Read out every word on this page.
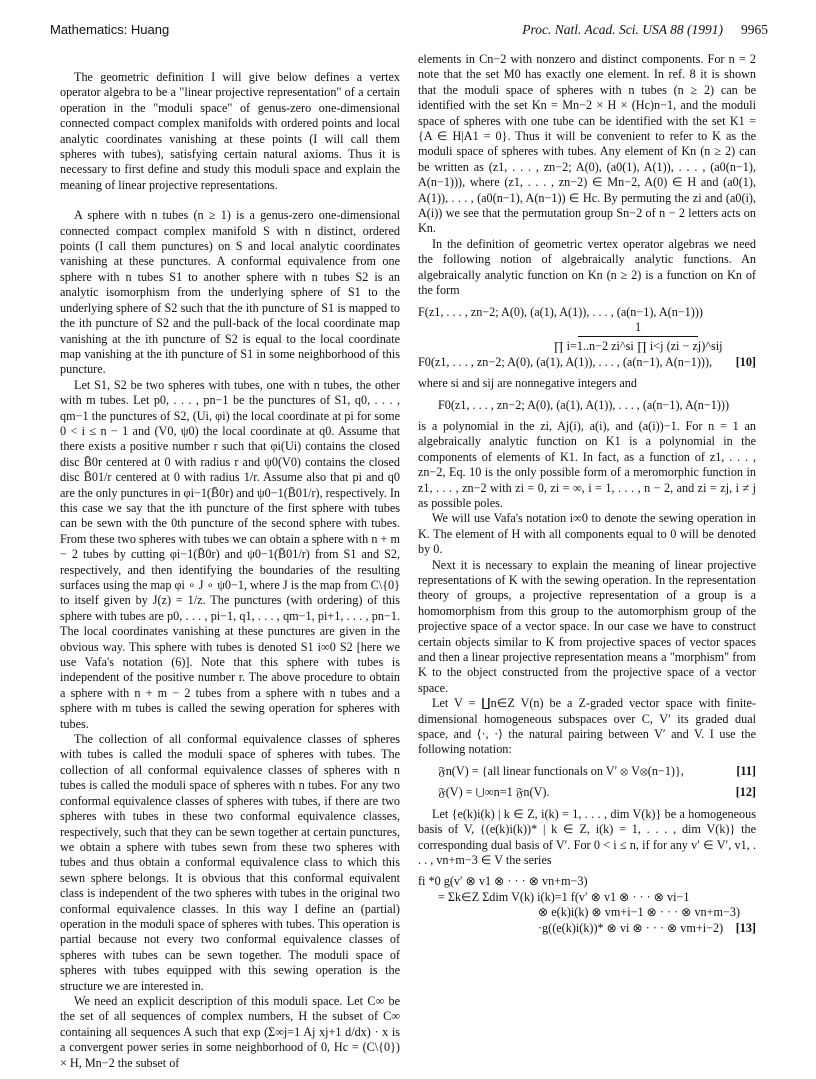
Mathematics: Huang	Proc. Natl. Acad. Sci. USA 88 (1991) 9965

The geometric definition I will give below defines a vertex operator algebra to be a "linear projective representation" of a certain operation in the "moduli space" of genus-zero one-dimensional connected compact complex manifolds with ordered points and local analytic coordinates vanishing at these points (I will call them spheres with tubes), satisfying certain natural axioms. Thus it is necessary to first define and study this moduli space and explain the meaning of linear projective representations.

A sphere with n tubes (n ≥ 1) is a genus-zero one-dimensional connected compact complex manifold S with n distinct, ordered points (I call them punctures) on S and local analytic coordinates vanishing at these punctures. A conformal equivalence from one sphere with n tubes S1 to another sphere with n tubes S2 is an analytic isomorphism from the underlying sphere of S1 to the underlying sphere of S2 such that the ith puncture of S1 is mapped to the ith puncture of S2 and the pull-back of the local coordinate map vanishing at the ith puncture of S2 is equal to the local coordinate map vanishing at the ith puncture of S1 in some neighborhood of this puncture.

Let S1, S2 be two spheres with tubes, one with n tubes, the other with m tubes. Let p0, . . . , pn−1 be the punctures of S1, q0, . . . , qm−1 the punctures of S2, (Ui, φi) the local coordinate at pi for some 0 < i ≤ n − 1 and (V0, ψ0) the local coordinate at q0. Assume that there exists a positive number r such that φi(Ui) contains the closed disc B̄0r centered at 0 with radius r and ψ0(V0) contains the closed disc B̄01/r centered at 0 with radius 1/r. Assume also that pi and q0 are the only punctures in φi−1(B̄0r) and ψ0−1(B̄01/r), respectively. In this case we say that the ith puncture of the first sphere with tubes can be sewn with the 0th puncture of the second sphere with tubes. From these two spheres with tubes we can obtain a sphere with n + m − 2 tubes by cutting φi−1(B̄0r) and ψ0−1(B̄01/r) from S1 and S2, respectively, and then identifying the boundaries of the resulting surfaces using the map φi ∘ J ∘ ψ0−1, where J is the map from C\{0} to itself given by J(z) = 1/z. The punctures (with ordering) of this sphere with tubes are p0, . . . , pi−1, q1, . . . , qm−1, pi+1, . . . , pn−1. The local coordinates vanishing at these punctures are given in the obvious way. This sphere with tubes is denoted S1 i∞0 S2 [here we use Vafa's notation (6)]. Note that this sphere with tubes is independent of the positive number r. The above procedure to obtain a sphere with n + m − 2 tubes from a sphere with n tubes and a sphere with m tubes is called the sewing operation for spheres with tubes.

The collection of all conformal equivalence classes of spheres with tubes is called the moduli space of spheres with tubes. The collection of all conformal equivalence classes of spheres with n tubes is called the moduli space of spheres with n tubes. For any two conformal equivalence classes of spheres with tubes, if there are two spheres with tubes in these two conformal equivalence classes, respectively, such that they can be sewn together at certain punctures, we obtain a sphere with tubes sewn from these two spheres with tubes and thus obtain a conformal equivalence class to which this sewn sphere belongs. It is obvious that this conformal equivalent class is independent of the two spheres with tubes in the original two conformal equivalence classes. In this way I define an (partial) operation in the moduli space of spheres with tubes. This operation is partial because not every two conformal equivalence classes of spheres with tubes can be sewn together. The moduli space of spheres with tubes equipped with this sewing operation is the structure we are interested in.

We need an explicit description of this moduli space. Let C∞ be the set of all sequences of complex numbers, H the subset of C∞ containing all sequences A such that exp (Σ∞j=1 Aj xj+1 d/dx) · x is a convergent power series in some neighborhood of 0, Hc = (C\{0}) × H, Mn−2 the subset of

elements in Cn−2 with nonzero and distinct components. For n = 2 note that the set M0 has exactly one element. In ref. 8 it is shown that the moduli space of spheres with n tubes (n ≥ 2) can be identified with the set Kn = Mn−2 × H × (Hc)n−1, and the moduli space of spheres with one tube can be identified with the set K1 = {A ∈ H|A1 = 0}. Thus it will be convenient to refer to K as the moduli space of spheres with tubes. Any element of Kn (n ≥ 2) can be written as (z1, . . . , zn−2; A(0), (a0(1), A(1)), . . . , (a0(n−1), A(n−1))), where (z1, . . . , zn−2) ∈ Mn−2, A(0) ∈ H and (a0(1), A(1)), . . . , (a0(n−1), A(n−1)) ∈ Hc. By permuting the zi and (a0(i), A(i)) we see that the permutation group Sn−2 of n − 2 letters acts on Kn.

In the definition of geometric vertex operator algebras we need the following notion of algebraically analytic functions. An algebraically analytic function on Kn (n ≥ 2) is a function on Kn of the form

F(z1, . . . , zn−2; A(0), (a(1), A(1)), . . . , (a(n−1), A(n−1)))
1
∏ i=1..n−2 zi^si ∏ i<j (zi − zj)^sij
F0(z1, . . . , zn−2; A(0), (a(1), A(1)), . . . , (a(n−1), A(n−1))), [10]

where si and sij are nonnegative integers and

F0(z1, . . . , zn−2; A(0), (a(1), A(1)), . . . , (a(n−1), A(n−1)))

is a polynomial in the zi, Aj(i), a(i), and (a(i))−1. For n = 1 an algebraically analytic function on K1 is a polynomial in the components of elements of K1. In fact, as a function of z1, . . . , zn−2, Eq. 10 is the only possible form of a meromorphic function in z1, . . . , zn−2 with zi = 0, zi = ∞, i = 1, . . . , n − 2, and zi = zj, i ≠ j as possible poles.

We will use Vafa's notation i∞0 to denote the sewing operation in K. The element of H with all components equal to 0 will be denoted by 0.

Next it is necessary to explain the meaning of linear projective representations of K with the sewing operation. In the representation theory of groups, a projective representation of a group is a homomorphism from this group to the automorphism group of the projective space of a vector space. In our case we have to construct certain objects similar to K from projective spaces of vector spaces and then a linear projective representation means a "morphism" from K to the object constructed from the projective space of a vector space.

Let V = ∐n∈Z V(n) be a Z-graded vector space with finite-dimensional homogeneous subspaces over C, V′ its graded dual space, and ⟨·, ·⟩ the natural pairing between V′ and V. I use the following notation:

𝔉n(V) = {all linear functionals on V′ ⊗ V⊗(n−1)},	[11]
𝔉(V) = ⋃∞n=1 𝔉n(V).	[12]

Let {e(k)i(k) | k ∈ Z, i(k) = 1, . . . , dim V(k)} be a homogeneous basis of V, {(e(k)i(k))* | k ∈ Z, i(k) = 1, . . . , dim V(k)} the corresponding dual basis of V′. For 0 < i ≤ n, if for any v′ ∈ V′, v1, . . . , vn+m−3 ∈ V the series

fi *0 g(v′ ⊗ v1 ⊗ · · · ⊗ vn+m−3)
= Σk∈Z Σdim V(k) i(k)=1 f(v′ ⊗ v1 ⊗ · · · ⊗ vi−1
⊗ e(k)i(k) ⊗ vm+i−1 ⊗ · · · ⊗ vn+m−3)
·g((e(k)i(k))* ⊗ vi ⊗ · · · ⊗ vm+i−2) [13]
